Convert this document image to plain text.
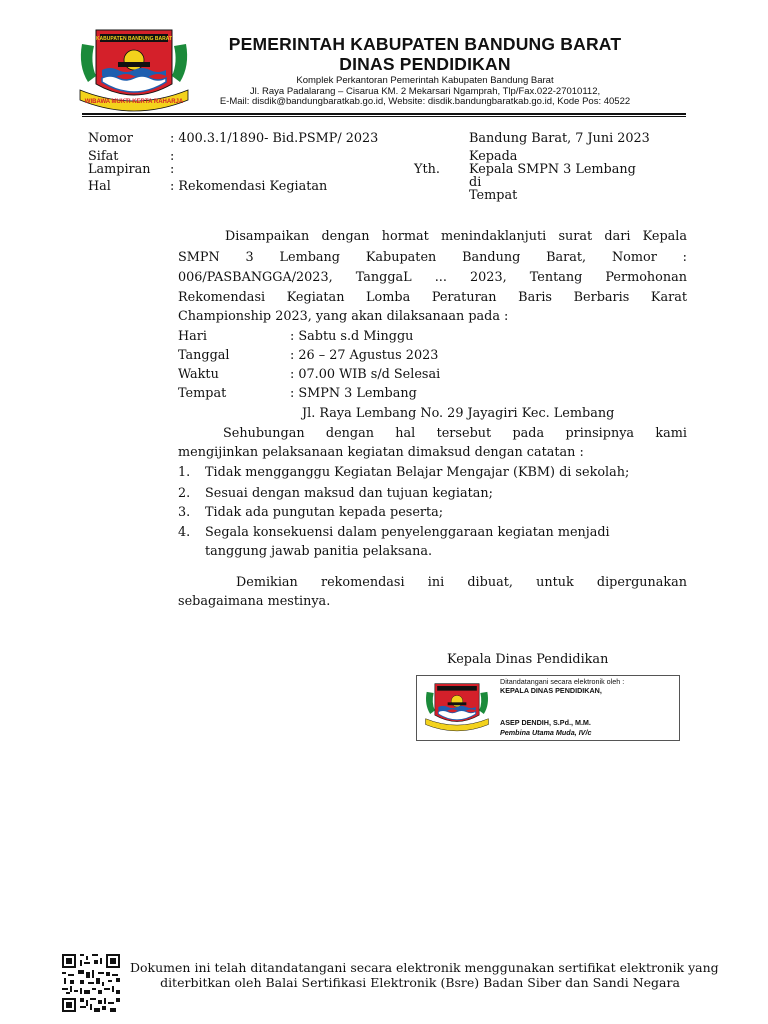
KABUPATEN BANDUNG BARAT
WIBAWA MUKTI KERTA RAHARJA
PEMERINTAH KABUPATEN BANDUNG BARAT
DINAS PENDIDIKAN
Komplek Perkantoran Pemerintah Kabupaten Bandung Barat
Jl. Raya Padalarang – Cisarua KM. 2 Mekarsari Ngamprah, Tlp/Fax.022-27010112,
E-Mail: disdik@bandungbaratkab.go.id, Website: disdik.bandungbaratkab.go.id, Kode Pos: 40522
Nomor	: 400.3.1/1890- Bid.PSMP/ 2023
Sifat	:
Lampiran :
Hal	: Rekomendasi Kegiatan
Bandung Barat, 7 Juni 2023
Kepada
Yth. Kepala SMPN 3 Lembang
di
Tempat
Disampaikan dengan hormat menindaklanjuti surat dari Kepala
SMPN 3 Lembang Kabupaten Bandung Barat, Nomor :
006/PASBANGGA/2023, TanggaL ... 2023, Tentang Permohonan
Rekomendasi Kegiatan Lomba Peraturan Baris Berbaris Karat
Championship 2023, yang akan dilaksanaan pada :
Hari	: Sabtu s.d Minggu
Tanggal	: 26 – 27 Agustus 2023
Waktu	: 07.00 WIB s/d Selesai
Tempat	: SMPN 3 Lembang
Jl. Raya Lembang No. 29 Jayagiri Kec. Lembang
Sehubungan dengan hal tersebut pada prinsipnya kami
mengijinkan pelaksanaan kegiatan dimaksud dengan catatan :
1. Tidak mengganggu Kegiatan Belajar Mengajar (KBM) di sekolah;
2. Sesuai dengan maksud dan tujuan kegiatan;
3. Tidak ada pungutan kepada peserta;
4. Segala konsekuensi dalam penyelenggaraan kegiatan menjadi
tanggung jawab panitia pelaksana.
Demikian rekomendasi ini dibuat, untuk dipergunakan
sebagaimana mestinya.
Kepala Dinas Pendidikan
Ditandatangani secara elektronik oleh :
KEPALA DINAS PENDIDIKAN,
ASEP DENDIH, S.Pd., M.M.
Pembina Utama Muda, IV/c
Dokumen ini telah ditandatangani secara elektronik menggunakan sertifikat elektronik yang
diterbitkan oleh Balai Sertifikasi Elektronik (Bsre) Badan Siber dan Sandi Negara
